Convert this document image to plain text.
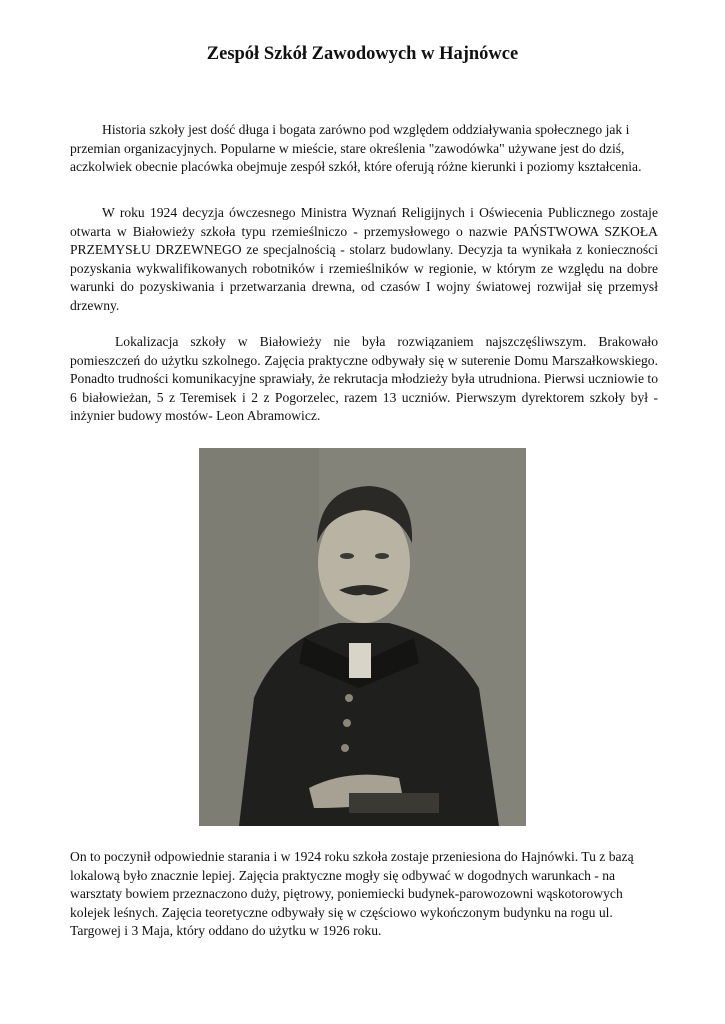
Zespół Szkół Zawodowych w Hajnówce

Historia szkoły jest dość długa i bogata zarówno pod względem oddziaływania społecznego jak i przemian organizacyjnych. Popularne w mieście, stare określenia "zawodówka" używane jest do dziś, aczkolwiek obecnie placówka obejmuje zespół szkół, które oferują różne kierunki i poziomy kształcenia.

W roku 1924 decyzja ówczesnego Ministra Wyznań Religijnych i Oświecenia Publicznego zostaje otwarta w Białowieży szkoła typu rzemieślniczo - przemysłowego o nazwie PAŃSTWOWA SZKOŁA PRZEMYSŁU DRZEWNEGO ze specjalnością - stolarz budowlany. Decyzja ta wynikała z konieczności pozyskania wykwalifikowanych robotników i rzemieślników w regionie, w którym ze względu na dobre warunki do pozyskiwania i przetwarzania drewna, od czasów I wojny światowej rozwijał się przemysł drzewny.

Lokalizacja szkoły w Białowieży nie była rozwiązaniem najszczęśliwszym. Brakowało pomieszczeń do użytku szkolnego. Zajęcia praktyczne odbywały się w suterenie Domu Marszałkowskiego. Ponadto trudności komunikacyjne sprawiały, że rekrutacja młodzieży była utrudniona. Pierwsi uczniowie to 6 białowieżan, 5 z Teremisek i 2 z Pogorzelec, razem 13 uczniów. Pierwszym dyrektorem szkoły był -inżynier budowy mostów- Leon Abramowicz.

On to poczynił odpowiednie starania i w 1924 roku szkoła zostaje przeniesiona do Hajnówki. Tu z bazą lokalową było znacznie lepiej. Zajęcia praktyczne mogły się odbywać w dogodnych warunkach - na warsztaty bowiem przeznaczono duży, piętrowy, poniemiecki budynek-parowozowni wąskotorowych kolejek leśnych. Zajęcia teoretyczne odbywały się w częściowo wykończonym budynku na rogu ul. Targowej i 3 Maja, który oddano do użytku w 1926 roku.
